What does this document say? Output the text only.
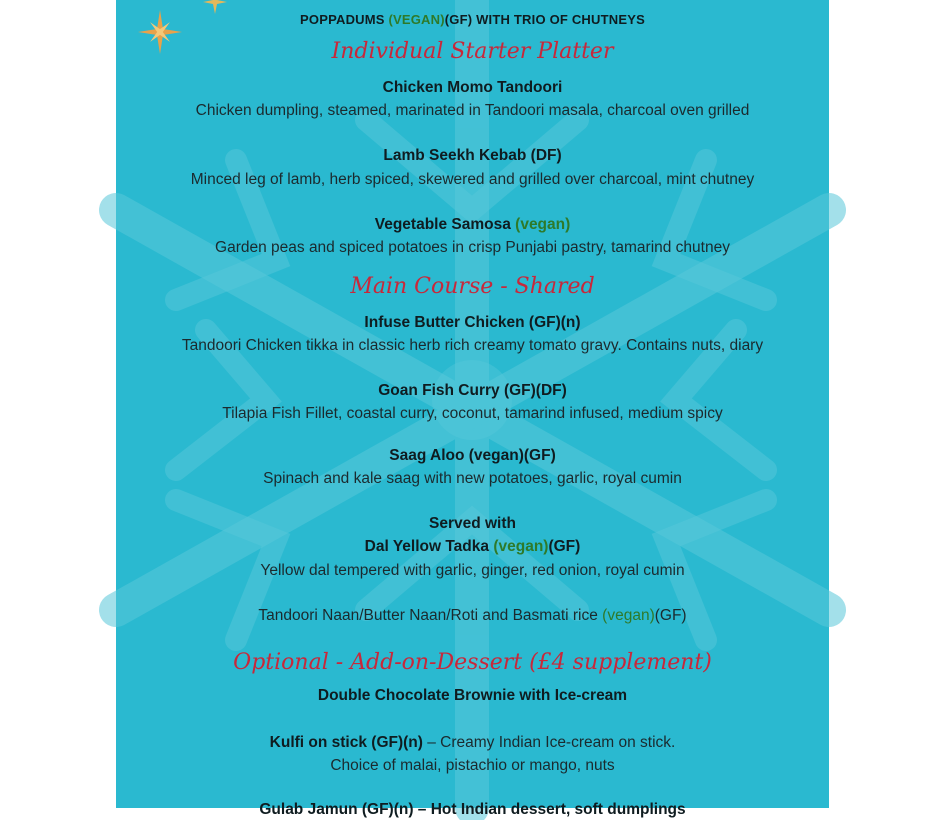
POPPADUMS (VEGAN)(GF) WITH TRIO OF CHUTNEYS
Individual Starter Platter
Chicken Momo Tandoori
Chicken dumpling, steamed, marinated in Tandoori masala, charcoal oven grilled
Lamb Seekh Kebab (DF)
Minced leg of lamb, herb spiced, skewered and grilled over charcoal, mint chutney
Vegetable Samosa (vegan)
Garden peas and spiced potatoes in crisp Punjabi pastry, tamarind chutney
Main Course - Shared
Infuse Butter Chicken (GF)(n)
Tandoori Chicken tikka in classic herb rich creamy tomato gravy. Contains nuts, diary
Goan Fish Curry (GF)(DF)
Tilapia Fish Fillet, coastal curry, coconut, tamarind infused, medium spicy
Saag Aloo (vegan)(GF)
Spinach and kale saag with new potatoes, garlic, royal cumin
Served with
Dal Yellow Tadka (vegan)(GF)
Yellow dal tempered with garlic, ginger, red onion, royal cumin
Tandoori Naan/Butter Naan/Roti and Basmati rice (vegan)(GF)
Optional - Add-on-Dessert (£4 supplement)
Double Chocolate Brownie with Ice-cream
Kulfi on stick (GF)(n) – Creamy Indian Ice-cream on stick.
Choice of malai, pistachio or mango, nuts
Gulab Jamun (GF)(n) – Hot Indian dessert, soft dumplings
